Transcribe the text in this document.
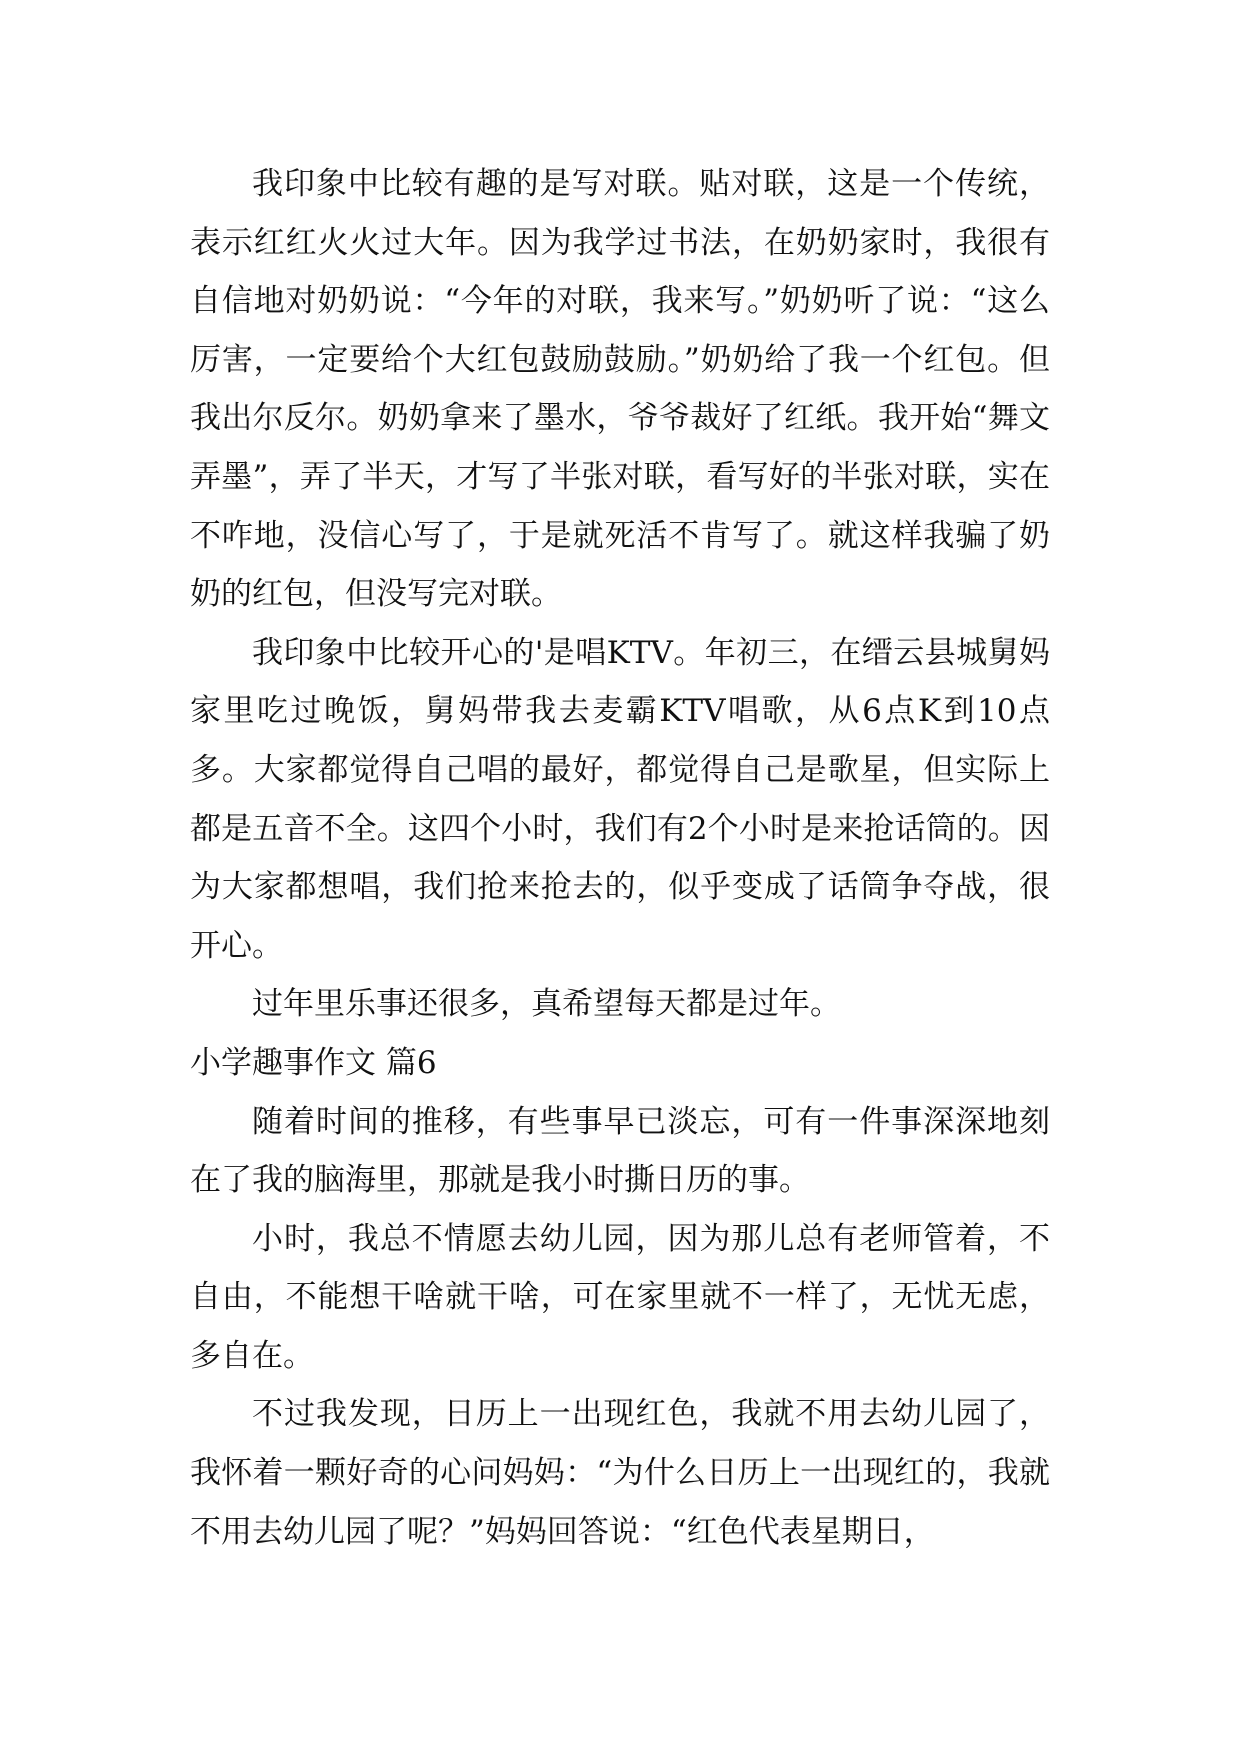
我印象中比较有趣的是写对联。贴对联，这是一个传统，表示红红火火过大年。因为我学过书法，在奶奶家时，我很有自信地对奶奶说：“今年的对联，我来写。”奶奶听了说：“这么厉害，一定要给个大红包鼓励鼓励。”奶奶给了我一个红包。但我出尔反尔。奶奶拿来了墨水，爷爷裁好了红纸。我开始“舞文弄墨”，弄了半天，才写了半张对联，看写好的半张对联，实在不咋地，没信心写了，于是就死活不肯写了。就这样我骗了奶奶的红包，但没写完对联。

我印象中比较开心的'是唱KTV。年初三，在缙云县城舅妈家里吃过晚饭，舅妈带我去麦霸KTV唱歌，从6点K到10点多。大家都觉得自己唱的最好，都觉得自己是歌星，但实际上都是五音不全。这四个小时，我们有2个小时是来抢话筒的。因为大家都想唱，我们抢来抢去的，似乎变成了话筒争夺战，很开心。

过年里乐事还很多，真希望每天都是过年。

小学趣事作文 篇6

随着时间的推移，有些事早已淡忘，可有一件事深深地刻在了我的脑海里，那就是我小时撕日历的事。

小时，我总不情愿去幼儿园，因为那儿总有老师管着，不自由，不能想干啥就干啥，可在家里就不一样了，无忧无虑，多自在。

不过我发现，日历上一出现红色，我就不用去幼儿园了，我怀着一颗好奇的心问妈妈：“为什么日历上一出现红的，我就不用去幼儿园了呢？”妈妈回答说：“红色代表星期日，
